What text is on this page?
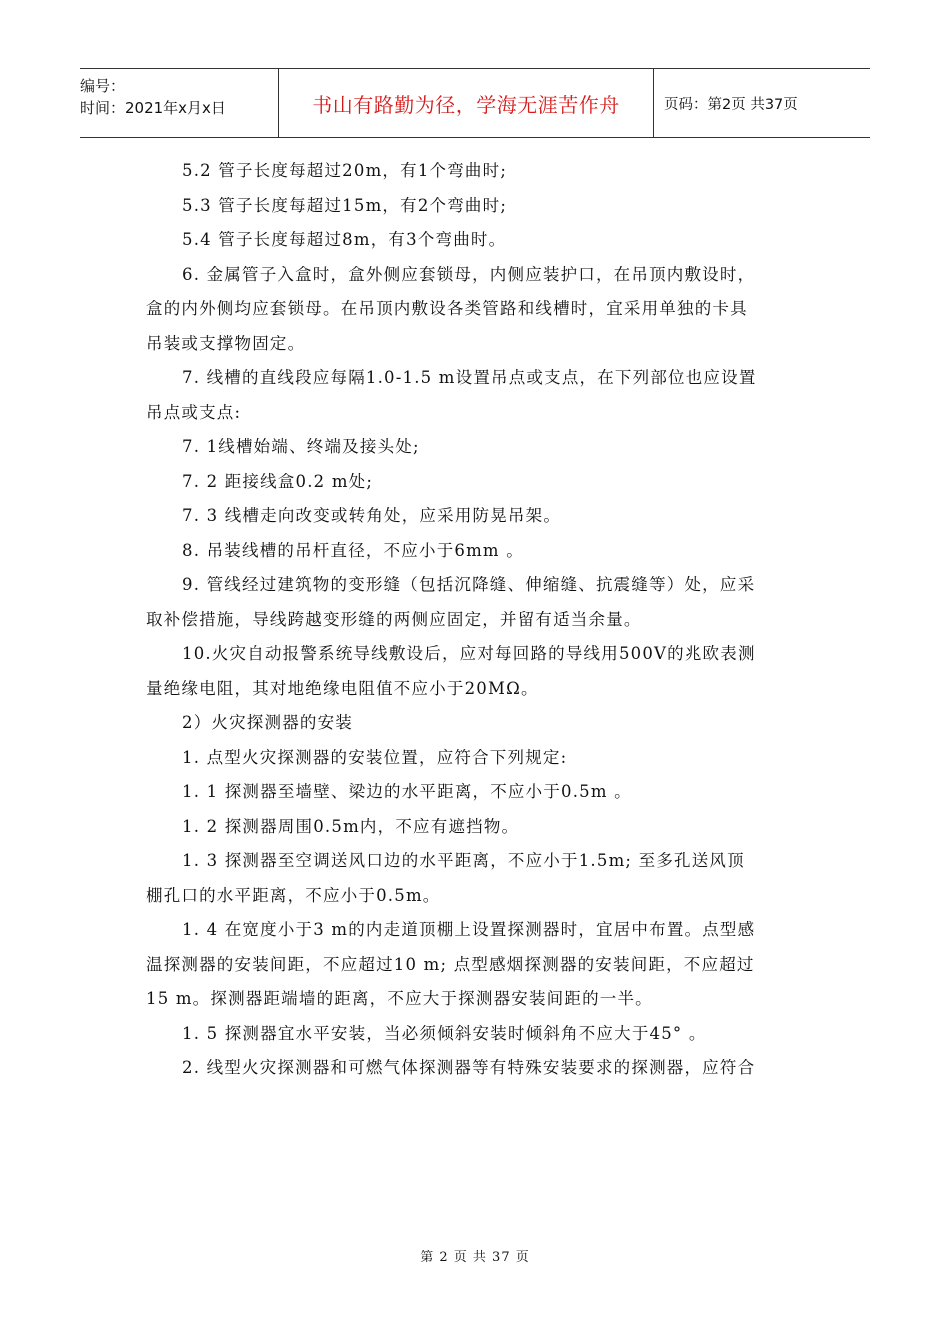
编号：
时间：2021年x月x日	书山有路勤为径，学海无涯苦作舟	页码：第2页 共37页
5.2 管子长度每超过20m，有1个弯曲时;
5.3 管子长度每超过15m，有2个弯曲时;
5.4 管子长度每超过8m，有3个弯曲时。
6. 金属管子入盒时，盒外侧应套锁母，内侧应装护口，在吊顶内敷设时，
盒的内外侧均应套锁母。在吊顶内敷设各类管路和线槽时，宜采用单独的卡具
吊装或支撑物固定。
7. 线槽的直线段应每隔1.0-1.5 m设置吊点或支点，在下列部位也应设置
吊点或支点:
7. 1线槽始端、终端及接头处;
7. 2 距接线盒0.2 m处;
7. 3 线槽走向改变或转角处，应采用防晃吊架。
8. 吊装线槽的吊杆直径，不应小于6mm 。
9. 管线经过建筑物的变形缝（包括沉降缝、伸缩缝、抗震缝等）处，应采
取补偿措施，导线跨越变形缝的两侧应固定，并留有适当余量。
10.火灾自动报警系统导线敷设后，应对每回路的导线用500V的兆欧表测
量绝缘电阻，其对地绝缘电阻值不应小于20MΩ。
2）火灾探测器的安装
1. 点型火灾探测器的安装位置，应符合下列规定:
1. 1 探测器至墙壁、梁边的水平距离，不应小于0.5m 。
1. 2 探测器周围0.5m内，不应有遮挡物。
1. 3 探测器至空调送风口边的水平距离，不应小于1.5m; 至多孔送风顶
棚孔口的水平距离，不应小于0.5m。
1. 4 在宽度小于3 m的内走道顶棚上设置探测器时，宜居中布置。点型感
温探测器的安装间距，不应超过10 m; 点型感烟探测器的安装间距，不应超过
15 m。探测器距端墙的距离，不应大于探测器安装间距的一半。
1. 5 探测器宜水平安装，当必须倾斜安装时倾斜角不应大于45° 。
2. 线型火灾探测器和可燃气体探测器等有特殊安装要求的探测器，应符合
第 2 页 共 37 页
